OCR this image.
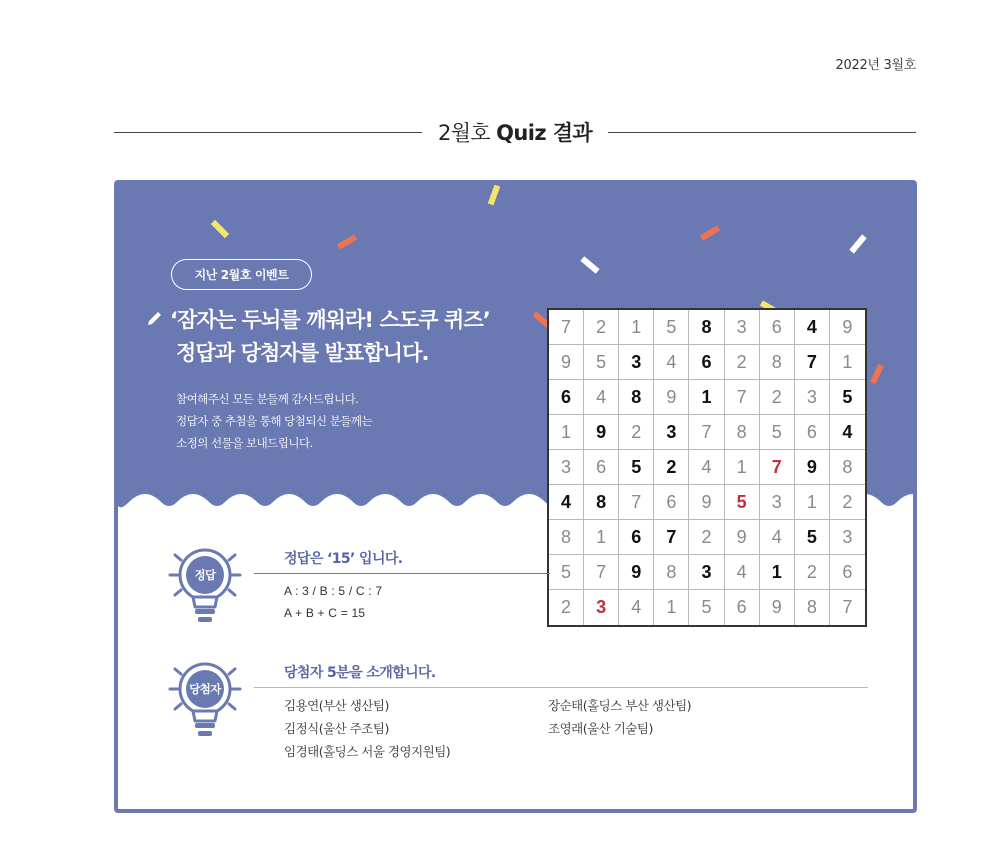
2022년 3월호
2월호 Quiz 결과
지난 2월호 이벤트
‘잠자는 두뇌를 깨워라! 스도쿠 퀴즈’
정답과 당첨자를 발표합니다.
참여해주신 모든 분들께 감사드립니다.
정답자 중 추첨을 통해 당첨되신 분들께는
소정의 선물을 보내드립니다.
7	2	1	5	8	3	6	4	9
9	5	3	4	6	2	8	7	1
6	4	8	9	1	7	2	3	5
1	9	2	3	7	8	5	6	4
3	6	5	2	4	1	7	9	8
4	8	7	6	9	5	3	1	2
8	1	6	7	2	9	4	5	3
5	7	9	8	3	4	1	2	6
2	3	4	1	5	6	9	8	7
정답
정답은 ‘15’ 입니다.
A : 3 / B : 5 / C : 7
A + B + C = 15
당첨자
당첨자 5분을 소개합니다.
김용연(부산 생산팀)
김정식(울산 주조팀)
임경태(홀딩스 서울 경영지원팀)
장순태(홀딩스 부산 생산팀)
조영래(울산 기술팀)
